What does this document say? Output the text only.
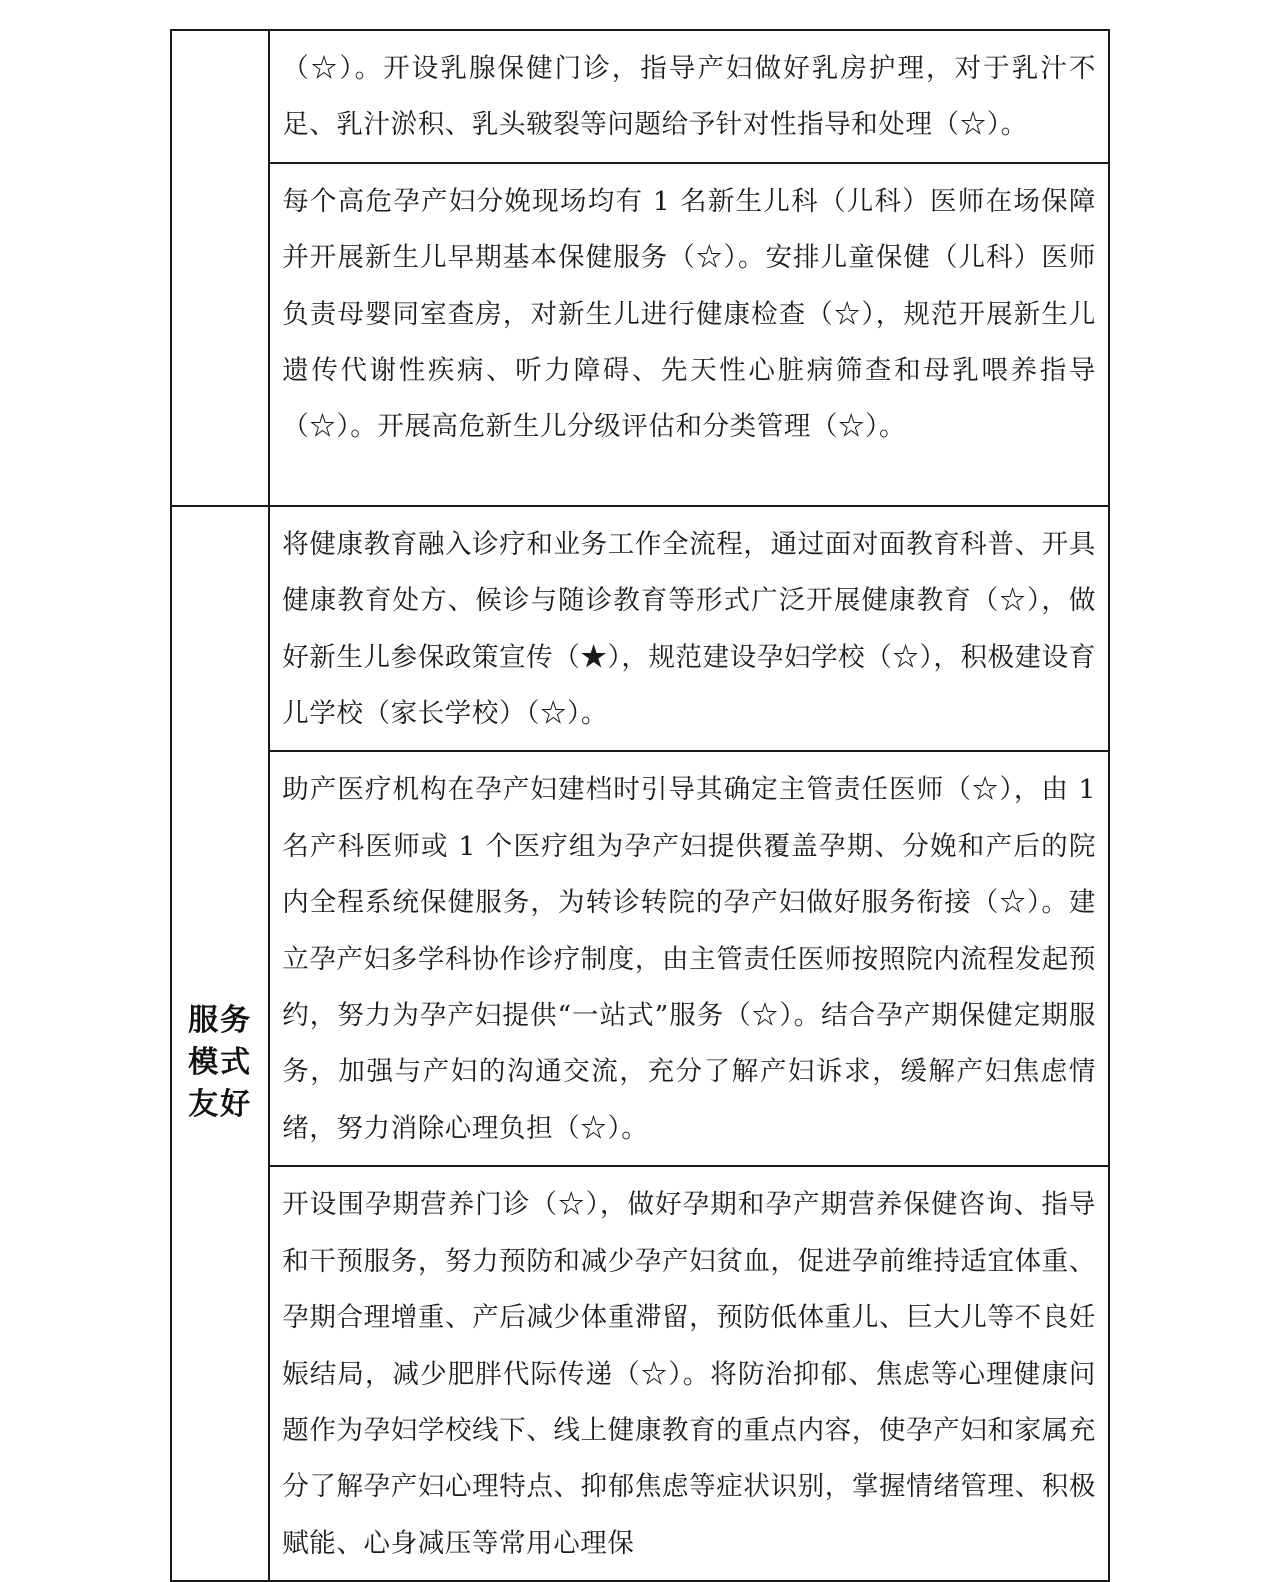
	（☆）。开设乳腺保健门诊，指导产妇做好乳房护理，对于乳汁不足、乳汁淤积、乳头皲裂等问题给予针对性指导和处理（☆）。
	每个高危孕产妇分娩现场均有 1 名新生儿科（儿科）医师在场保障并开展新生儿早期基本保健服务（☆）。安排儿童保健（儿科）医师负责母婴同室查房，对新生儿进行健康检查（☆），规范开展新生儿遗传代谢性疾病、听力障碍、先天性心脏病筛查和母乳喂养指导（☆）。开展高危新生儿分级评估和分类管理（☆）。
服务模式友好	将健康教育融入诊疗和业务工作全流程，通过面对面教育科普、开具健康教育处方、候诊与随诊教育等形式广泛开展健康教育（☆），做好新生儿参保政策宣传（★），规范建设孕妇学校（☆），积极建设育儿学校（家长学校）（☆）。
	助产医疗机构在孕产妇建档时引导其确定主管责任医师（☆），由 1 名产科医师或 1 个医疗组为孕产妇提供覆盖孕期、分娩和产后的院内全程系统保健服务，为转诊转院的孕产妇做好服务衔接（☆）。建立孕产妇多学科协作诊疗制度，由主管责任医师按照院内流程发起预约，努力为孕产妇提供“一站式”服务（☆）。结合孕产期保健定期服务，加强与产妇的沟通交流，充分了解产妇诉求，缓解产妇焦虑情绪，努力消除心理负担（☆）。
	开设围孕期营养门诊（☆），做好孕期和孕产期营养保健咨询、指导和干预服务，努力预防和减少孕产妇贫血，促进孕前维持适宜体重、孕期合理增重、产后减少体重滞留，预防低体重儿、巨大儿等不良妊娠结局，减少肥胖代际传递（☆）。将防治抑郁、焦虑等心理健康问题作为孕妇学校线下、线上健康教育的重点内容，使孕产妇和家属充分了解孕产妇心理特点、抑郁焦虑等症状识别，掌握情绪管理、积极赋能、心身减压等常用心理保
